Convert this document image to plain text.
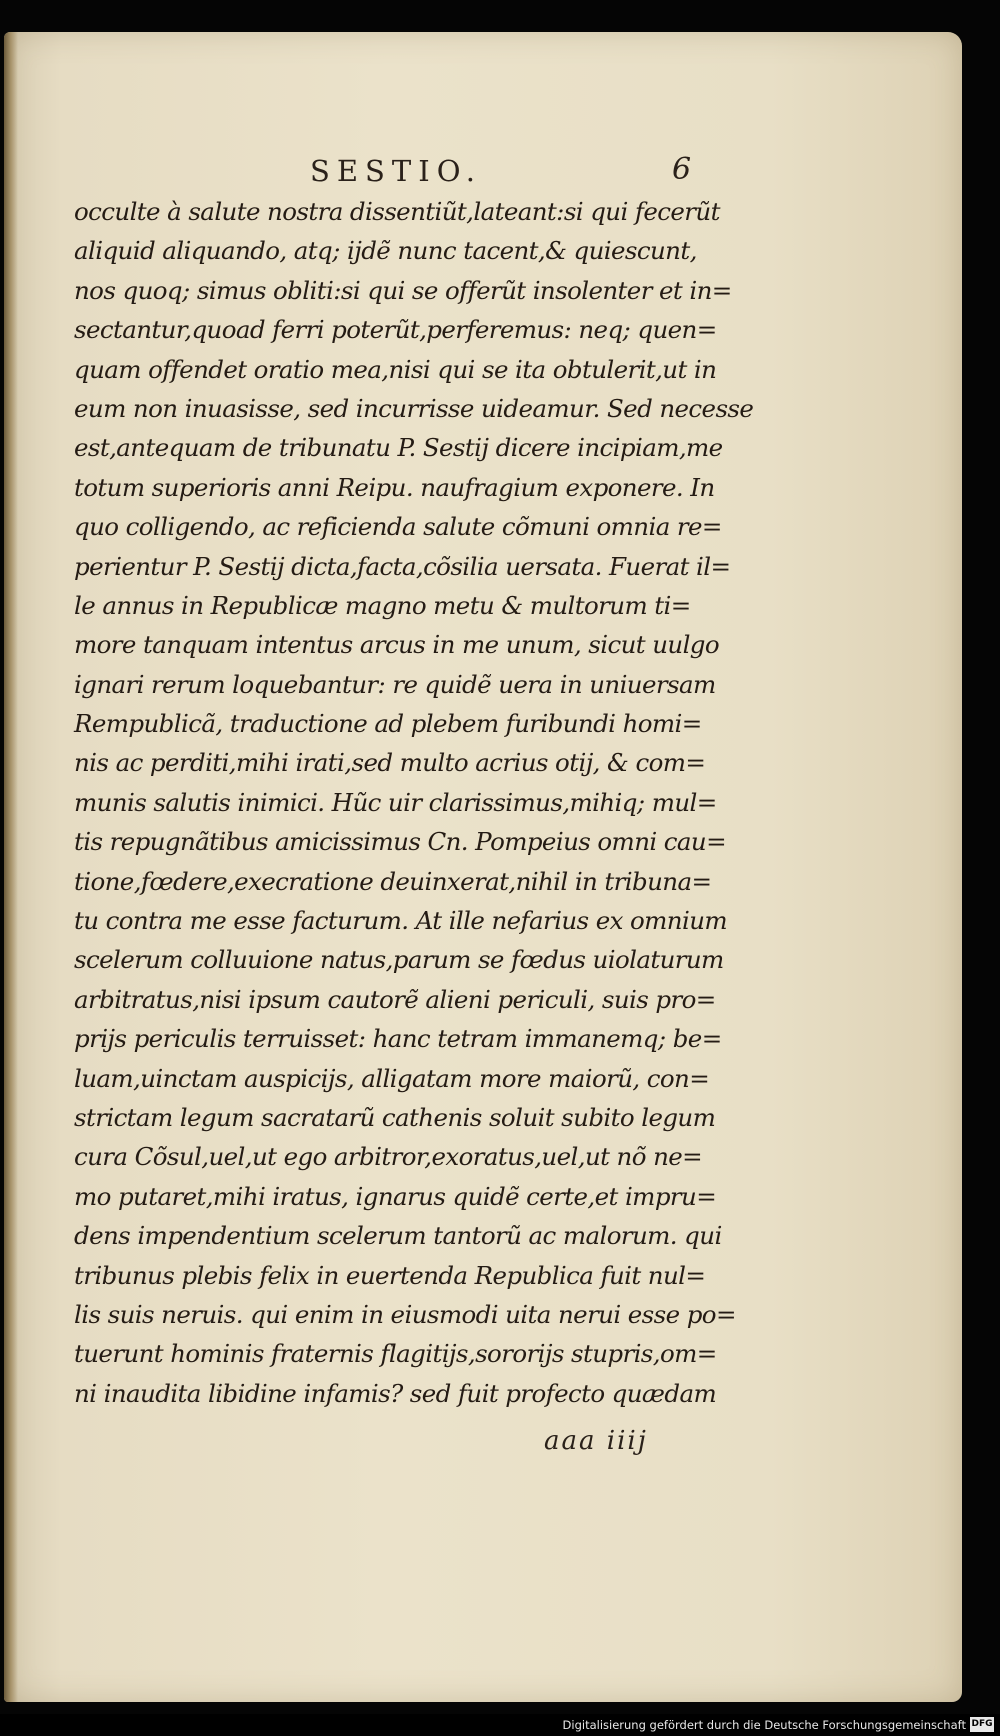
SESTIO.	6
occulte à salute nostra dissentiũt,lateant:si qui fecerũt
aliquid aliquando, atq; ijdẽ nunc tacent,& quiescunt,
nos quoq; simus obliti:si qui se offerũt insolenter et in=
sectantur,quoad ferri poterũt,perferemus: neq; quen=
quam offendet oratio mea,nisi qui se ita obtulerit,ut in
eum non inuasisse, sed incurrisse uideamur. Sed necesse
est,antequam de tribunatu P. Sestij dicere incipiam,me
totum superioris anni Reipu. naufragium exponere. In
quo colligendo, ac reficienda salute cõmuni omnia re=
perientur P. Sestij dicta,facta,cõsilia uersata. Fuerat il=
le annus in Republicæ magno metu & multorum ti=
more tanquam intentus arcus in me unum, sicut uulgo
ignari rerum loquebantur: re quidẽ uera in uniuersam
Rempublicã, traductione ad plebem furibundi homi=
nis ac perditi,mihi irati,sed multo acrius otij, & com=
munis salutis inimici. Hũc uir clarissimus,mihiq; mul=
tis repugnãtibus amicissimus Cn. Pompeius omni cau=
tione,fœdere,execratione deuinxerat,nihil in tribuna=
tu contra me esse facturum. At ille nefarius ex omnium
scelerum colluuione natus,parum se fœdus uiolaturum
arbitratus,nisi ipsum cautorẽ alieni periculi, suis pro=
prijs periculis terruisset: hanc tetram immanemq; be=
luam,uinctam auspicijs, alligatam more maiorũ, con=
strictam legum sacratarũ cathenis soluit subito legum
cura Cõsul,uel,ut ego arbitror,exoratus,uel,ut nõ ne=
mo putaret,mihi iratus, ignarus quidẽ certe,et impru=
dens impendentium scelerum tantorũ ac malorum. qui
tribunus plebis felix in euertenda Republica fuit nul=
lis suis neruis. qui enim in eiusmodi uita nerui esse po=
tuerunt hominis fraternis flagitijs,sororijs stupris,om=
ni inaudita libidine infamis? sed fuit profecto quædam
aaa iiij
Digitalisierung gefördert durch die Deutsche Forschungsgemeinschaft DFG
